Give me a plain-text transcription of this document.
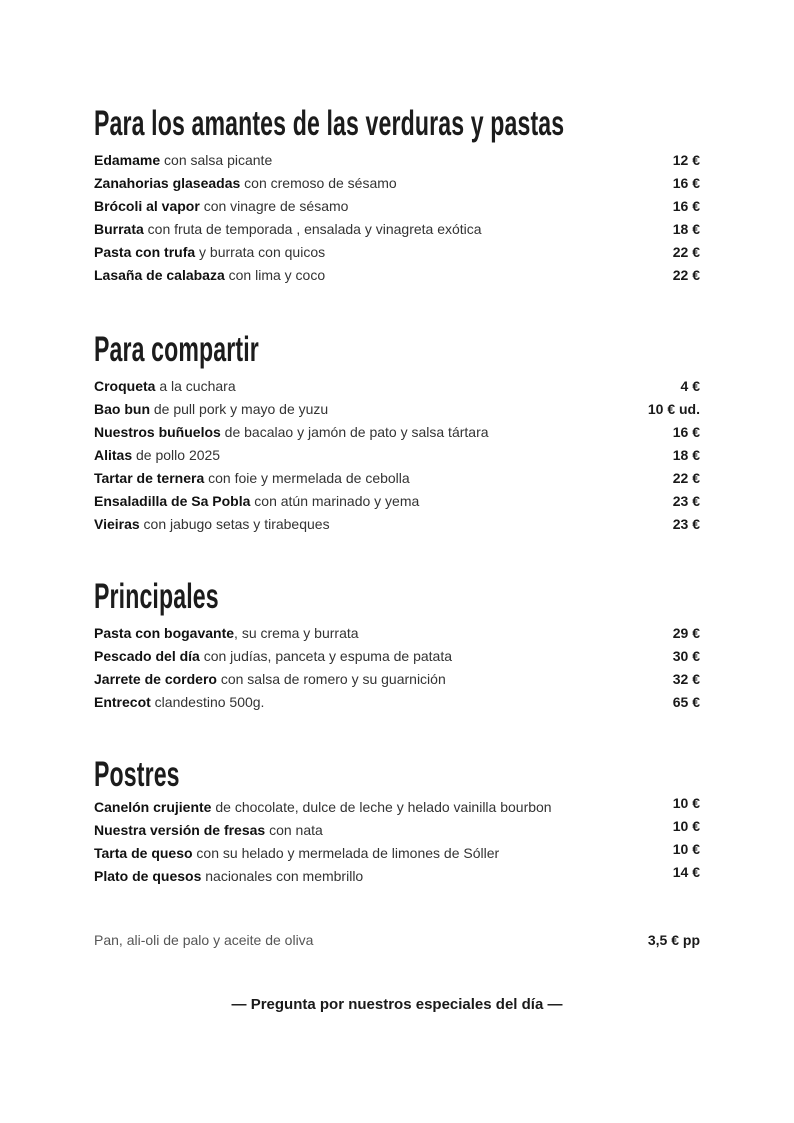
Para los amantes de las verduras y pastas
Edamame con salsa picante	12 €
Zanahorias glaseadas con cremoso de sésamo	16 €
Brócoli al vapor con vinagre de sésamo	16 €
Burrata con fruta de temporada , ensalada y vinagreta exótica	18 €
Pasta con trufa y burrata con quicos	22 €
Lasaña de calabaza con lima y coco	22 €
Para compartir
Croqueta a la cuchara	4 €
Bao bun de pull pork y mayo de yuzu	10 € ud.
Nuestros buñuelos de bacalao y jamón de pato y salsa tártara	16 €
Alitas de pollo 2025	18 €
Tartar de ternera con foie y mermelada de cebolla	22 €
Ensaladilla de Sa Pobla con atún marinado y yema	23 €
Vieiras con jabugo setas y tirabeques	23 €
Principales
Pasta con bogavante, su crema y burrata	29 €
Pescado del día con judías, panceta y espuma de patata	30 €
Jarrete de cordero con salsa de romero y su guarnición	32 €
Entrecot clandestino 500g.	65 €
Postres
Canelón crujiente de chocolate, dulce de leche y helado vainilla bourbon	10 €
Nuestra versión de fresas con nata	10 €
Tarta de queso con su helado y mermelada de limones de Sóller	10 €
Plato de quesos nacionales con membrillo	14 €
Pan, ali-oli de palo y aceite de oliva	3,5 € pp
— Pregunta por nuestros especiales del día —
